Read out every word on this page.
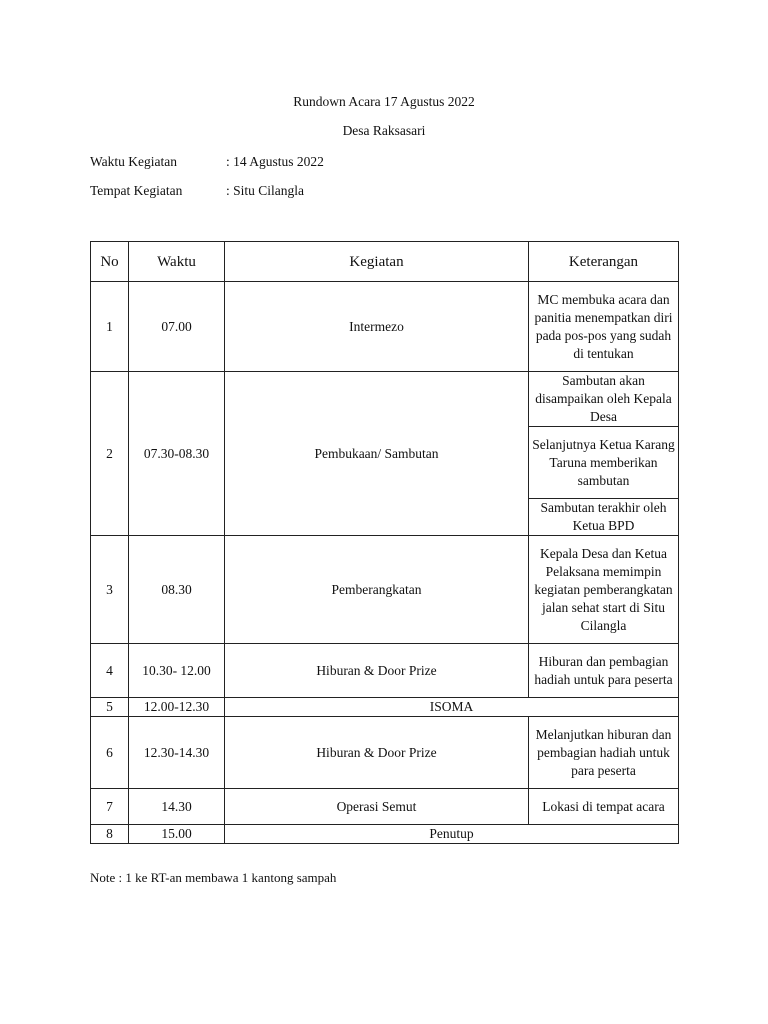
Rundown Acara 17 Agustus 2022
Desa Raksasari
Waktu Kegiatan	: 14 Agustus 2022
Tempat Kegiatan	: Situ Cilangla
No	Waktu	Kegiatan	Keterangan
1	07.00	Intermezo	MC membuka acara dan panitia menempatkan diri pada pos-pos yang sudah di tentukan
2	07.30-08.30	Pembukaan/ Sambutan	Sambutan akan disampaikan oleh Kepala Desa
			Selanjutnya Ketua Karang Taruna memberikan sambutan
			Sambutan terakhir oleh Ketua BPD
3	08.30	Pemberangkatan	Kepala Desa dan Ketua Pelaksana memimpin kegiatan pemberangkatan jalan sehat start di Situ Cilangla
4	10.30- 12.00	Hiburan & Door Prize	Hiburan dan pembagian hadiah untuk para peserta
5	12.00-12.30	ISOMA	
6	12.30-14.30	Hiburan & Door Prize	Melanjutkan hiburan dan pembagian hadiah untuk para peserta
7	14.30	Operasi Semut	Lokasi di tempat acara
8	15.00	Penutup	
Note : 1 ke RT-an membawa 1 kantong sampah
